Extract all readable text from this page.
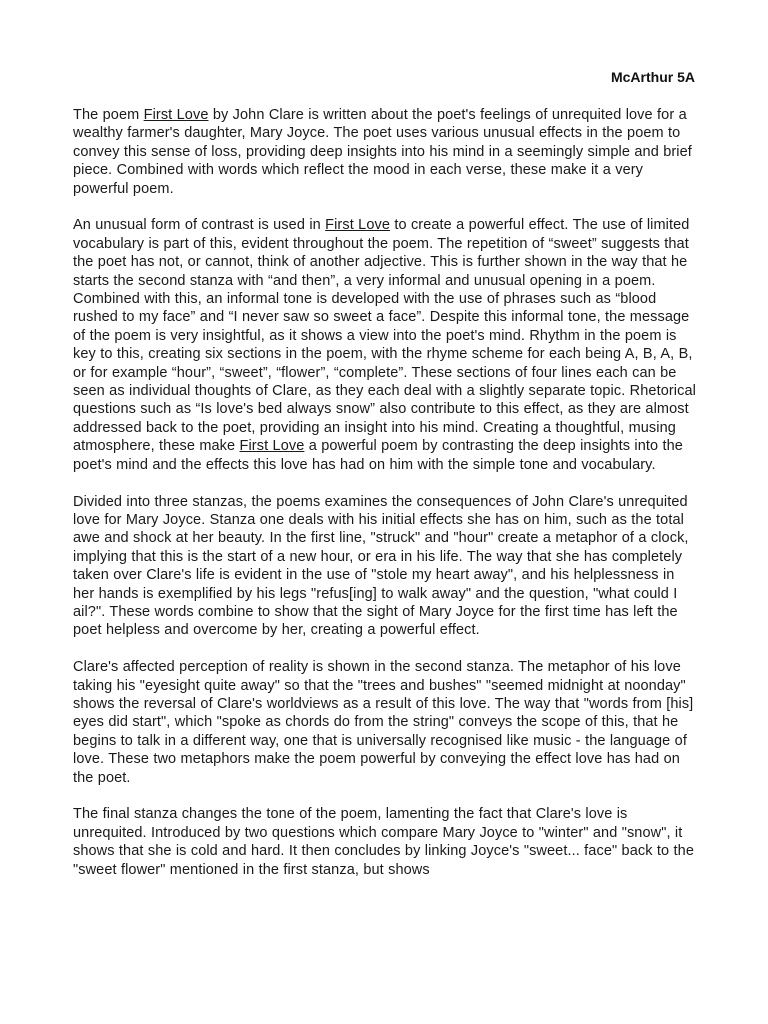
McArthur 5A

The poem First Love by John Clare is written about the poet's feelings of unrequited love for a wealthy farmer's daughter, Mary Joyce. The poet uses various unusual effects in the poem to convey this sense of loss, providing deep insights into his mind in a seemingly simple and brief piece. Combined with words which reflect the mood in each verse, these make it a very powerful poem.

An unusual form of contrast is used in First Love to create a powerful effect. The use of limited vocabulary is part of this, evident throughout the poem. The repetition of “sweet” suggests that the poet has not, or cannot, think of another adjective. This is further shown in the way that he starts the second stanza with “and then”, a very informal and unusual opening in a poem. Combined with this, an informal tone is developed with the use of phrases such as “blood rushed to my face” and “I never saw so sweet a face”. Despite this informal tone, the message of the poem is very insightful, as it shows a view into the poet's mind. Rhythm in the poem is key to this, creating six sections in the poem, with the rhyme scheme for each being A, B, A, B, or for example “hour”, “sweet”, “flower”, “complete”. These sections of four lines each can be seen as individual thoughts of Clare, as they each deal with a slightly separate topic. Rhetorical questions such as “Is love's bed always snow” also contribute to this effect, as they are almost addressed back to the poet, providing an insight into his mind. Creating a thoughtful, musing atmosphere, these make First Love a powerful poem by contrasting the deep insights into the poet's mind and the effects this love has had on him with the simple tone and vocabulary.

Divided into three stanzas, the poems examines the consequences of John Clare's unrequited love for Mary Joyce. Stanza one deals with his initial effects she has on him, such as the total awe and shock at her beauty. In the first line, "struck" and "hour" create a metaphor of a clock, implying that this is the start of a new hour, or era in his life. The way that she has completely taken over Clare's life is evident in the use of "stole my heart away", and his helplessness in her hands is exemplified by his legs "refus[ing] to walk away" and the question, "what could I ail?". These words combine to show that the sight of Mary Joyce for the first time has left the poet helpless and overcome by her, creating a powerful effect.

Clare's affected perception of reality is shown in the second stanza. The metaphor of his love taking his "eyesight quite away" so that the "trees and bushes" "seemed midnight at noonday" shows the reversal of Clare's worldviews as a result of this love. The way that "words from [his] eyes did start", which "spoke as chords do from the string" conveys the scope of this, that he begins to talk in a different way, one that is universally recognised like music - the language of love. These two metaphors make the poem powerful by conveying the effect love has had on the poet.

The final stanza changes the tone of the poem, lamenting the fact that Clare's love is unrequited. Introduced by two questions which compare Mary Joyce to "winter" and "snow", it shows that she is cold and hard. It then concludes by linking Joyce's "sweet... face" back to the "sweet flower" mentioned in the first stanza, but shows
